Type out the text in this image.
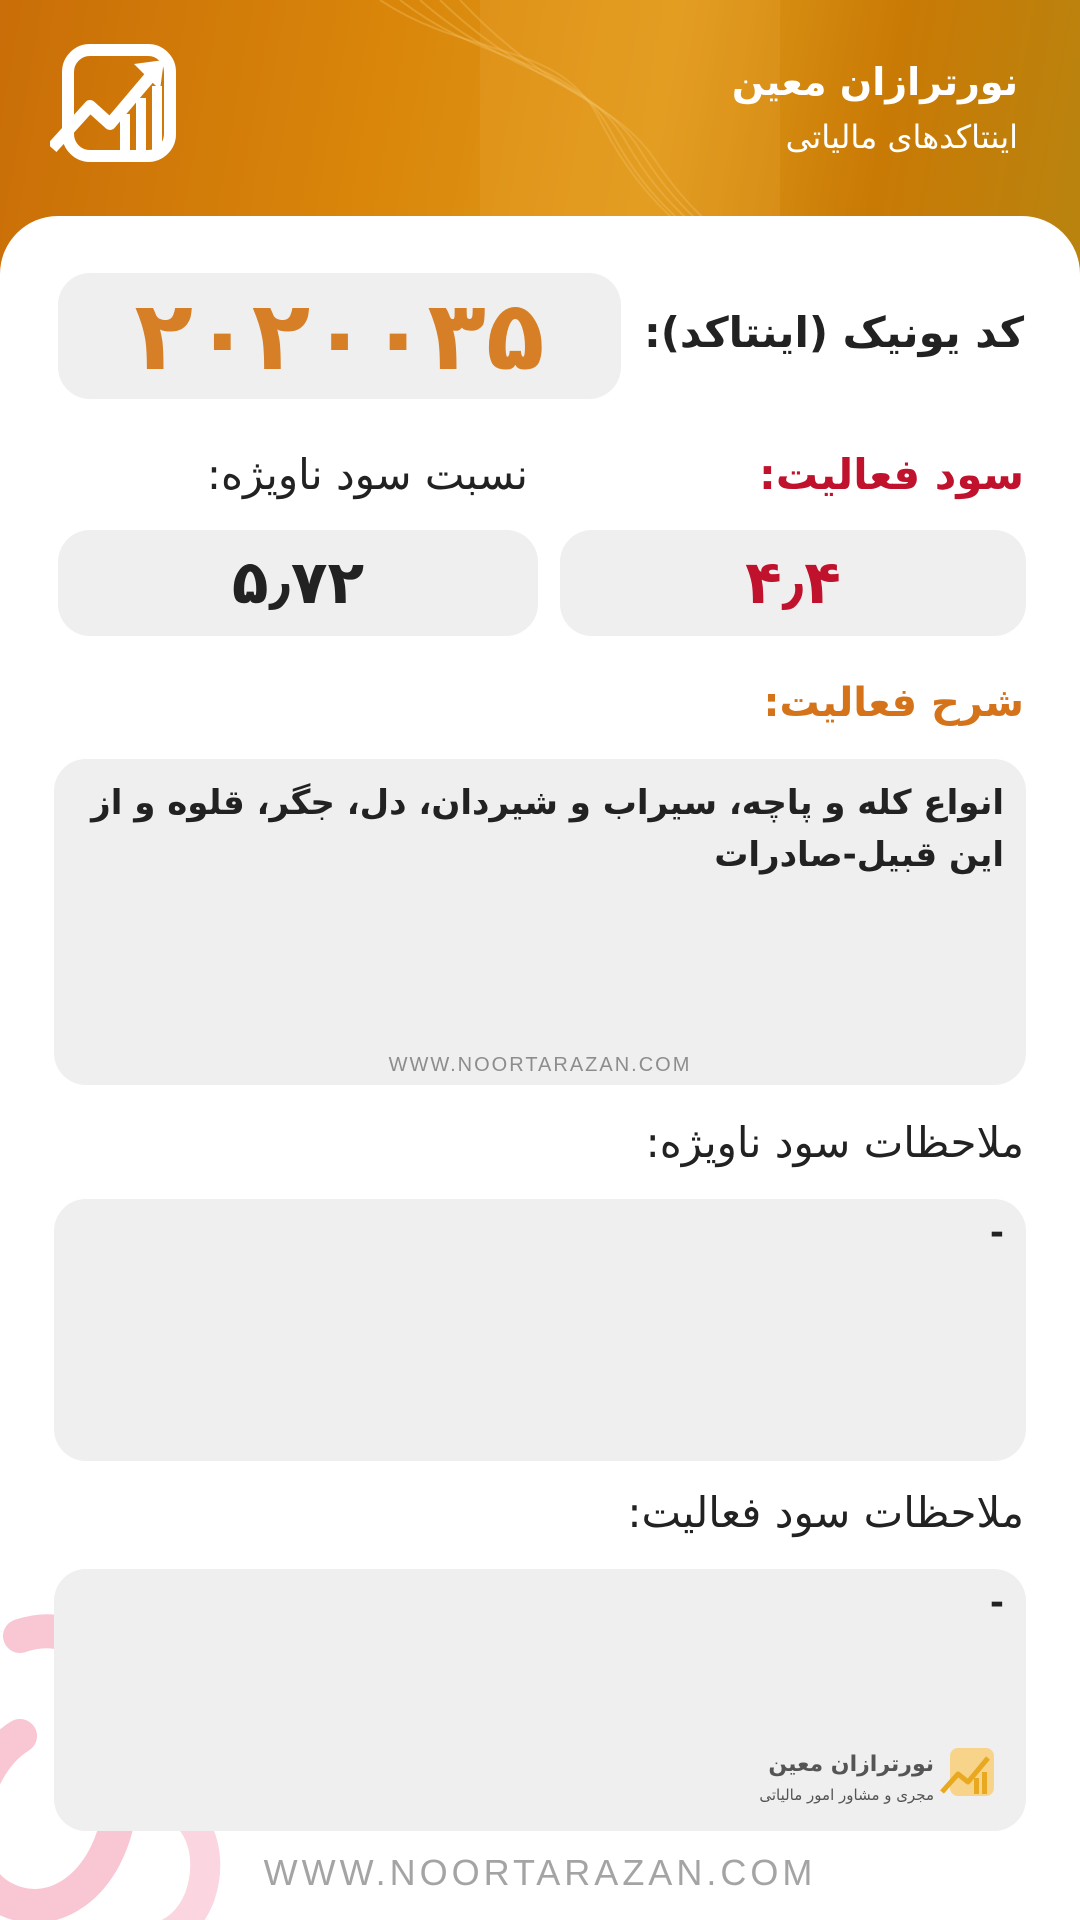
نورترازان معین

اینتاکدهای مالیاتی

کد یونیک (اینتاکد):

۲۰۲۰۰۳۵

سود فعالیت:

نسبت سود ناویژه:

۴٫۴
۵٫۷۲

شرح فعالیت:

انواع کله و پاچه، سیراب و شیردان، دل، جگر، قلوه و از این قبیل-صادرات
WWW.NOORTARAZAN.COM

ملاحظات سود ناویژه:

-

ملاحظات سود فعالیت:

-
نورترازان معین
مجری و مشاور امور مالیاتی
WWW.NOORTARAZAN.COM
